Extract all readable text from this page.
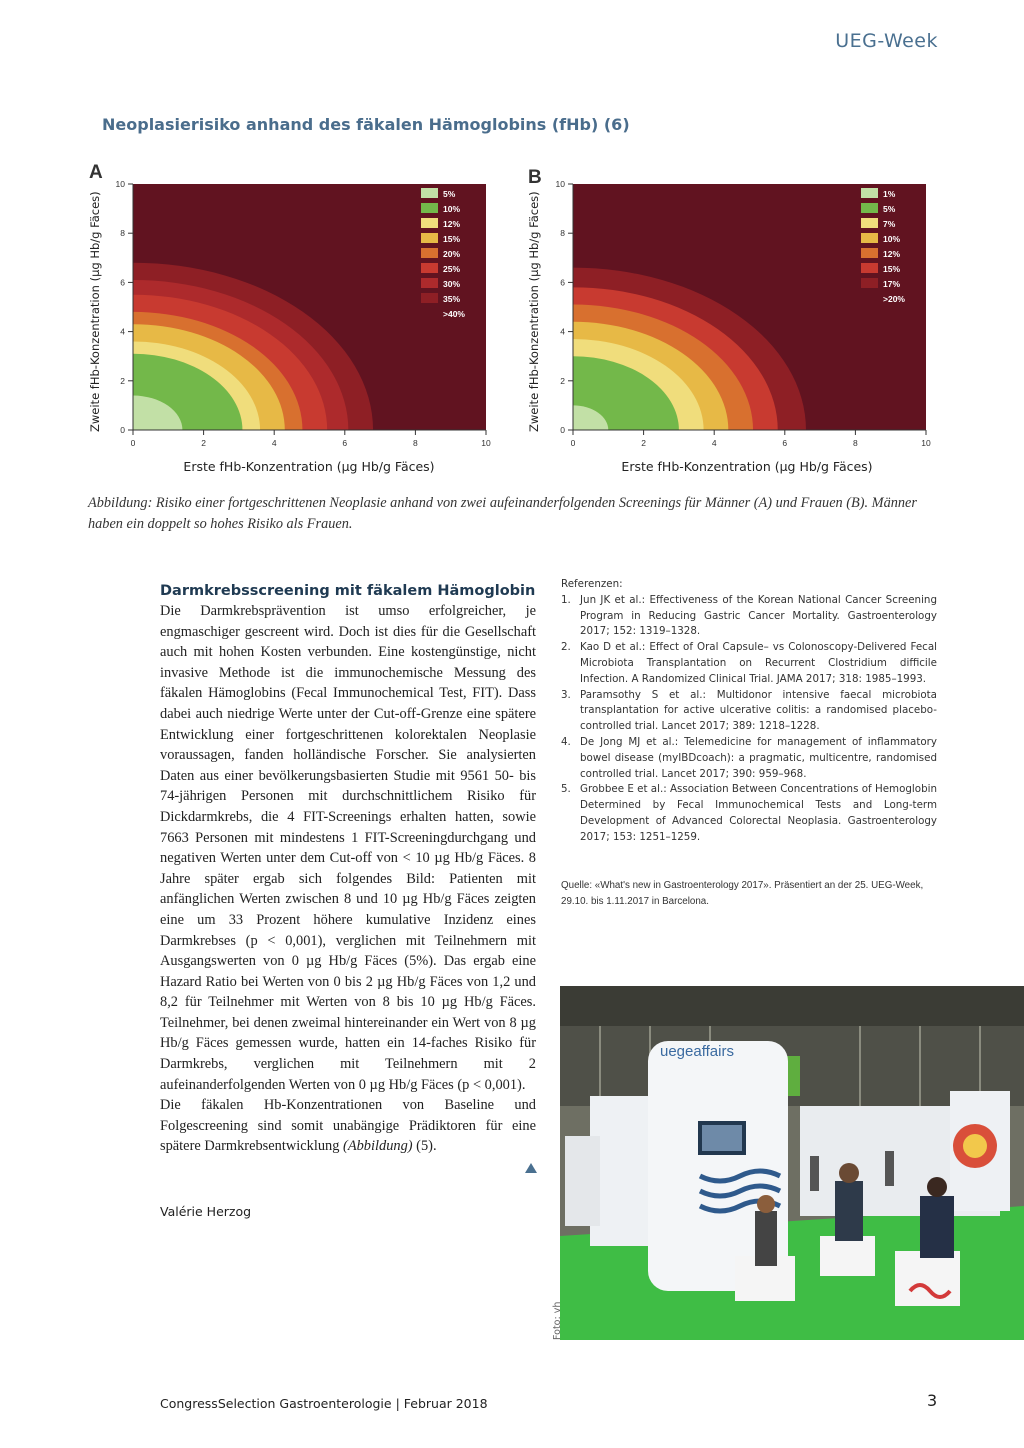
UEG-Week
Neoplasierisiko anhand des fäkalen Hämoglobins (fHb) (6)
A
Zweite fHb-Konzentration (µg Hb/g Fäces)
0	2	4	6	8	10
0
2
4
6
8
10
5%
10%
12%
15%
20%
25%
30%
35%
>40%
Erste fHb-Konzentration (µg Hb/g Fäces)
B
Zweite fHb-Konzentration (µg Hb/g Fäces)
0	2	4	6	8	10
0
2
4
6
8
10
1%
5%
7%
10%
12%
15%
17%
>20%
Erste fHb-Konzentration (µg Hb/g Fäces)
Abbildung: Risiko einer fortgeschrittenen Neoplasie anhand von zwei aufeinanderfolgenden Screenings für Männer (A) und Frauen (B). Männer haben ein doppelt so hohes Risiko als Frauen.
Darmkrebsscreening mit fäkalem Hämoglobin

Die Darmkrebsprävention ist umso erfolgreicher, je engmaschiger gescreent wird. Doch ist dies für die Gesellschaft auch mit hohen Kosten verbunden. Eine kostengünstige, nicht invasive Methode ist die immunochemische Messung des fäkalen Hämoglobins (Fecal Immunochemical Test, FIT). Dass dabei auch niedrige Werte unter der Cut-off-Grenze eine spätere Entwicklung einer fortgeschrittenen kolorektalen Neoplasie voraussagen, fanden holländische Forscher. Sie analysierten Daten aus einer bevölkerungsbasierten Studie mit 9561 50- bis 74-jährigen Personen mit durchschnittlichem Risiko für Dickdarmkrebs, die 4 FIT-Screenings erhalten hatten, sowie 7663 Personen mit mindestens 1 FIT-Screeningdurchgang und negativen Werten unter dem Cut-off von < 10 µg Hb/g Fäces. 8 Jahre später ergab sich folgendes Bild: Patienten mit anfänglichen Werten zwischen 8 und 10 µg Hb/g Fäces zeigten eine um 33 Prozent höhere kumulative Inzidenz eines Darmkrebses (p < 0,001), verglichen mit Teilnehmern mit Ausgangswerten von 0 µg Hb/g Fäces (5%). Das ergab eine Hazard Ratio bei Werten von 0 bis 2 µg Hb/g Fäces von 1,2 und 8,2 für Teilnehmer mit Werten von 8 bis 10 µg Hb/g Fäces. Teilnehmer, bei denen zweimal hintereinander ein Wert von 8 µg Hb/g Fäces gemessen wurde, hatten ein 14-faches Risiko für Darmkrebs, verglichen mit Teilnehmern mit 2 aufeinanderfolgenden Werten von 0 µg Hb/g Fäces (p < 0,001).

Die fäkalen Hb-Konzentrationen von Baseline und Folgescreening sind somit unabängige Prädiktoren für eine spätere Darmkrebsentwicklung (Abbildung) (5).

Valérie Herzog
Referenzen:
1. Jun JK et al.: Effectiveness of the Korean National Cancer Screening Program in Reducing Gastric Cancer Mortality. Gastroenterology 2017; 152: 1319–1328.
2. Kao D et al.: Effect of Oral Capsule– vs Colonoscopy-Delivered Fecal Microbiota Transplantation on Recurrent Clostridium difficile Infection. A Randomized Clinical Trial. JAMA 2017; 318: 1985–1993.
3. Paramsothy S et al.: Multidonor intensive faecal microbiota transplantation for active ulcerative colitis: a randomised placebo-controlled trial. Lancet 2017; 389: 1218–1228.
4. De Jong MJ et al.: Telemedicine for management of inflammatory bowel disease (myIBDcoach): a pragmatic, multicentre, randomised controlled trial. Lancet 2017; 390: 959–968.
5. Grobbee E et al.: Association Between Concentrations of Hemoglobin Determined by Fecal Immunochemical Tests and Long-term Development of Advanced Colorectal Neoplasia. Gastroenterology 2017; 153: 1251–1259.
Quelle: «What's new in Gastroenterology 2017». Präsentiert an der 25. UEG-Week, 29.10. bis 1.11.2017 in Barcelona.
uegeaffairs
Foto: vh
CongressSelection Gastroenterologie | Februar 2018	3
